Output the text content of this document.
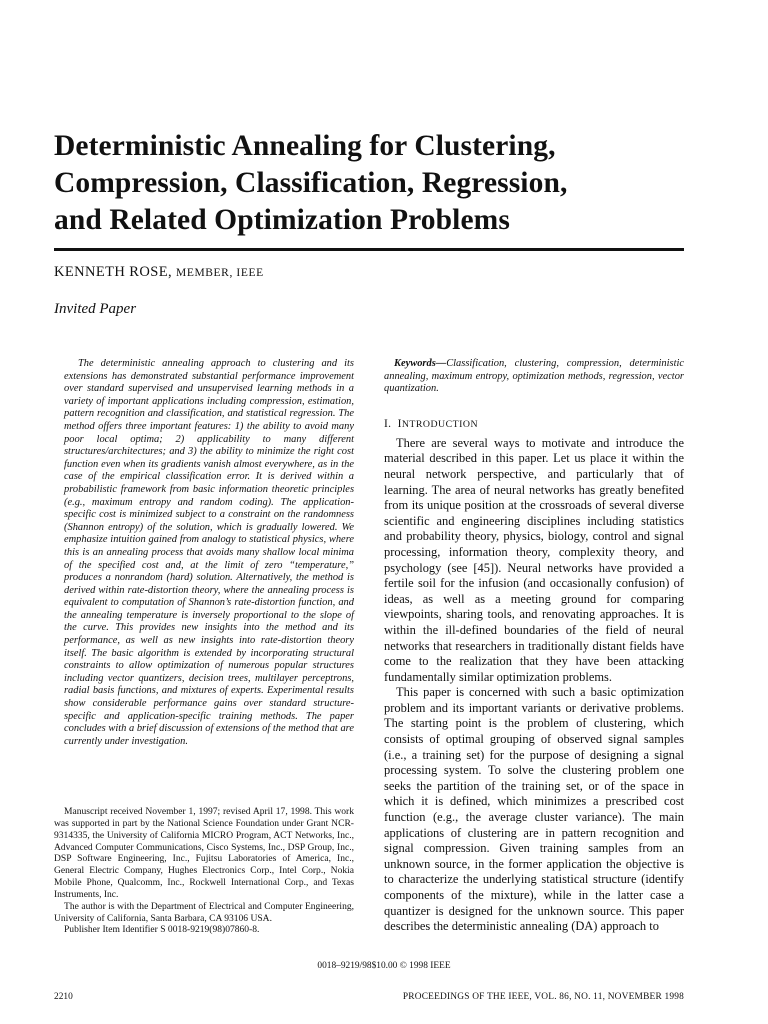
Deterministic Annealing for Clustering,
Compression, Classification, Regression,
and Related Optimization Problems
KENNETH ROSE, MEMBER, IEEE
Invited Paper

The deterministic annealing approach to clustering and its extensions has demonstrated substantial performance improvement over standard supervised and unsupervised learning methods in a variety of important applications including compression, estimation, pattern recognition and classification, and statistical regression. The method offers three important features: 1) the ability to avoid many poor local optima; 2) applicability to many different structures/architectures; and 3) the ability to minimize the right cost function even when its gradients vanish almost everywhere, as in the case of the empirical classification error. It is derived within a probabilistic framework from basic information theoretic principles (e.g., maximum entropy and random coding). The application-specific cost is minimized subject to a constraint on the randomness (Shannon entropy) of the solution, which is gradually lowered. We emphasize intuition gained from analogy to statistical physics, where this is an annealing process that avoids many shallow local minima of the specified cost and, at the limit of zero “temperature,” produces a nonrandom (hard) solution. Alternatively, the method is derived within rate-distortion theory, where the annealing process is equivalent to computation of Shannon’s rate-distortion function, and the annealing temperature is inversely proportional to the slope of the curve. This provides new insights into the method and its performance, as well as new insights into rate-distortion theory itself. The basic algorithm is extended by incorporating structural constraints to allow optimization of numerous popular structures including vector quantizers, decision trees, multilayer perceptrons, radial basis functions, and mixtures of experts. Experimental results show considerable performance gains over standard structure-specific and application-specific training methods. The paper concludes with a brief discussion of extensions of the method that are currently under investigation.

Manuscript received November 1, 1997; revised April 17, 1998. This work was supported in part by the National Science Foundation under Grant NCR-9314335, the University of California MICRO Program, ACT Networks, Inc., Advanced Computer Communications, Cisco Systems, Inc., DSP Group, Inc., DSP Software Engineering, Inc., Fujitsu Laboratories of America, Inc., General Electric Company, Hughes Electronics Corp., Intel Corp., Nokia Mobile Phone, Qualcomm, Inc., Rockwell International Corp., and Texas Instruments, Inc.

The author is with the Department of Electrical and Computer Engineering, University of California, Santa Barbara, CA 93106 USA.

Publisher Item Identifier S 0018-9219(98)07860-8.

Keywords—Classification, clustering, compression, deterministic annealing, maximum entropy, optimization methods, regression, vector quantization.

I. INTRODUCTION

There are several ways to motivate and introduce the material described in this paper. Let us place it within the neural network perspective, and particularly that of learning. The area of neural networks has greatly benefited from its unique position at the crossroads of several diverse scientific and engineering disciplines including statistics and probability theory, physics, biology, control and signal processing, information theory, complexity theory, and psychology (see [45]). Neural networks have provided a fertile soil for the infusion (and occasionally confusion) of ideas, as well as a meeting ground for comparing viewpoints, sharing tools, and renovating approaches. It is within the ill-defined boundaries of the field of neural networks that researchers in traditionally distant fields have come to the realization that they have been attacking fundamentally similar optimization problems.

This paper is concerned with such a basic optimization problem and its important variants or derivative problems. The starting point is the problem of clustering, which consists of optimal grouping of observed signal samples (i.e., a training set) for the purpose of designing a signal processing system. To solve the clustering problem one seeks the partition of the training set, or of the space in which it is defined, which minimizes a prescribed cost function (e.g., the average cluster variance). The main applications of clustering are in pattern recognition and signal compression. Given training samples from an unknown source, in the former application the objective is to characterize the underlying statistical structure (identify components of the mixture), while in the latter case a quantizer is designed for the unknown source. This paper describes the deterministic annealing (DA) approach to

0018–9219/98$10.00 © 1998 IEEE
2210	PROCEEDINGS OF THE IEEE, VOL. 86, NO. 11, NOVEMBER 1998
